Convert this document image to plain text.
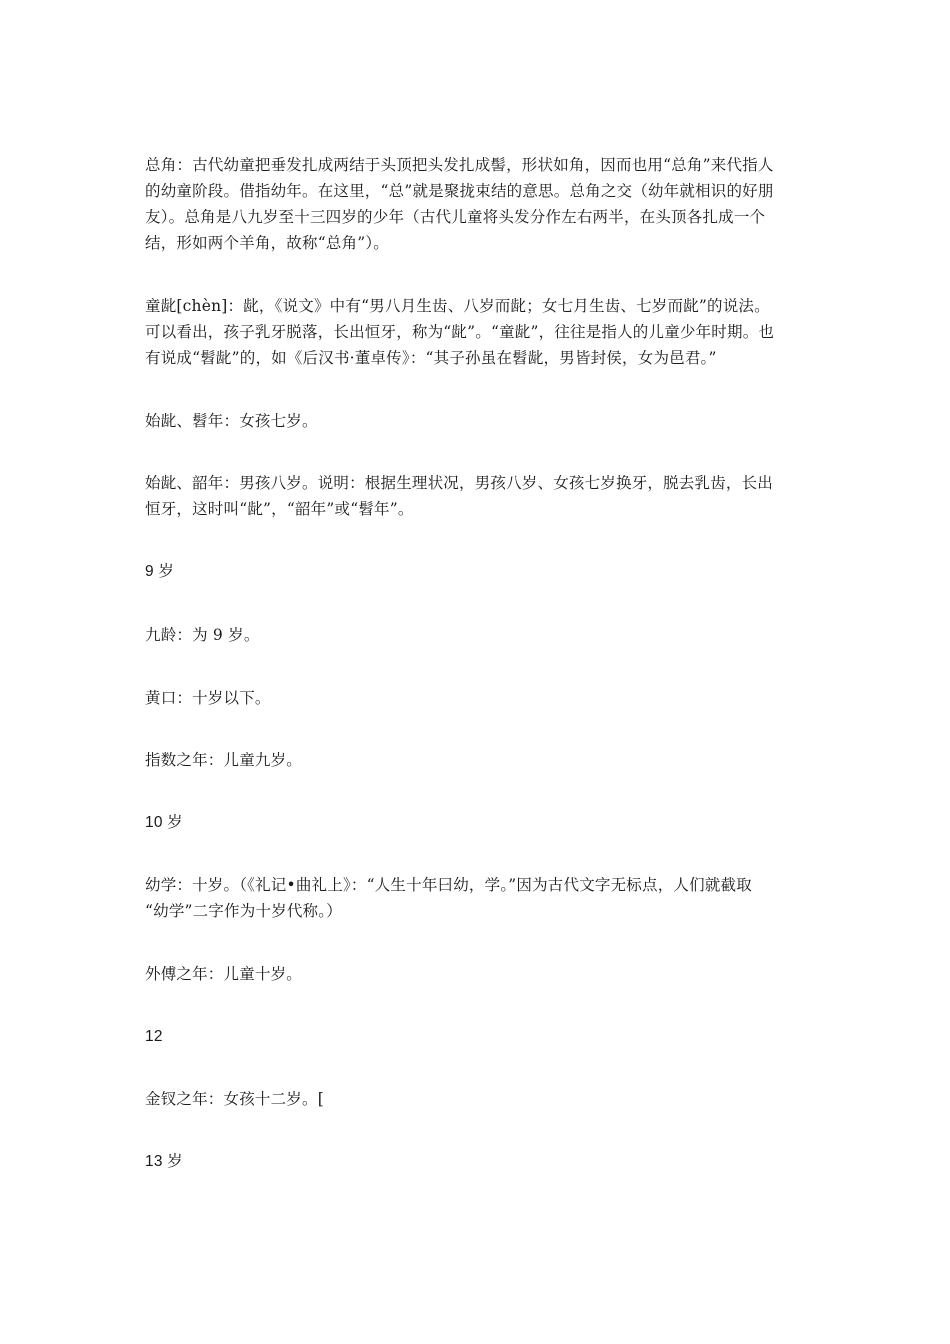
总角：古代幼童把垂发扎成两结于头顶把头发扎成髻，形状如角，因而也用“总角”来代指人
的幼童阶段。借指幼年。在这里，“总”就是聚拢束结的意思。总角之交（幼年就相识的好朋
友）。总角是八九岁至十三四岁的少年（古代儿童将头发分作左右两半，在头顶各扎成一个
结，形如两个羊角，故称“总角”）。

童龀[chèn]：龀，《说文》中有“男八月生齿、八岁而龀；女七月生齿、七岁而龀”的说法。
可以看出，孩子乳牙脱落，长出恒牙，称为“龀”。“童龀”，往往是指人的儿童少年时期。也
有说成“髫龀”的，如《后汉书·董卓传》：“其子孙虽在髫龀，男皆封侯，女为邑君。”

始龀、髫年：女孩七岁。

始龀、韶年：男孩八岁。说明：根据生理状况，男孩八岁、女孩七岁换牙，脱去乳齿，长出
恒牙，这时叫“龀”，“韶年”或“髫年”。

9 岁

九龄：为 9 岁。

黄口：十岁以下。

指数之年：儿童九岁。

10 岁

幼学：十岁。（《礼记•曲礼上》：“人生十年曰幼，学。”因为古代文字无标点，人们就截取
“幼学”二字作为十岁代称。）

外傅之年：儿童十岁。

12

金钗之年：女孩十二岁。[

13 岁
